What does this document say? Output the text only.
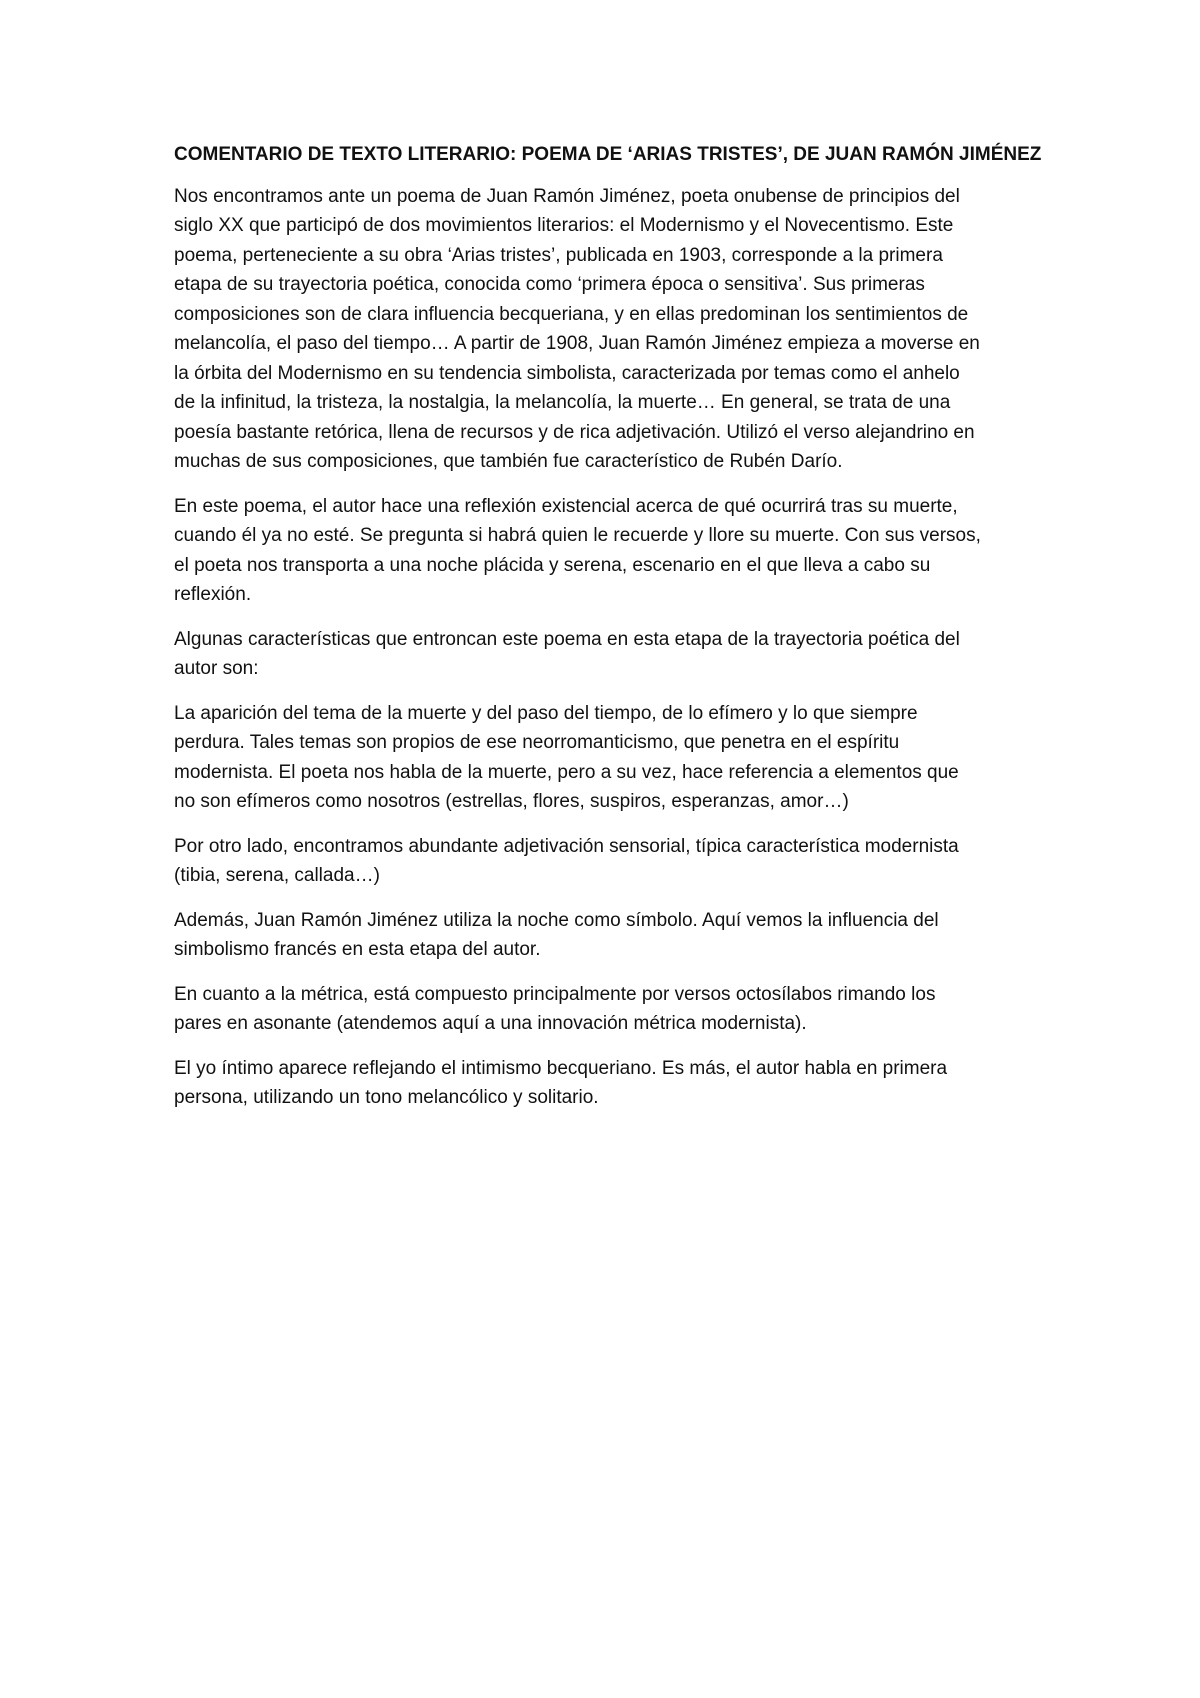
COMENTARIO DE TEXTO LITERARIO: POEMA DE ‘ARIAS TRISTES’, DE JUAN RAMÓN JIMÉNEZ

Nos encontramos ante un poema de Juan Ramón Jiménez, poeta onubense de principios del
siglo XX que participó de dos movimientos literarios: el Modernismo y el Novecentismo. Este
poema, perteneciente a su obra ‘Arias tristes’, publicada en 1903, corresponde a la primera
etapa de su trayectoria poética, conocida como ‘primera época o sensitiva’. Sus primeras
composiciones son de clara influencia becqueriana, y en ellas predominan los sentimientos de
melancolía, el paso del tiempo… A partir de 1908, Juan Ramón Jiménez empieza a moverse en
la órbita del Modernismo en su tendencia simbolista, caracterizada por temas como el anhelo
de la infinitud, la tristeza, la nostalgia, la melancolía, la muerte… En general, se trata de una
poesía bastante retórica, llena de recursos y de rica adjetivación. Utilizó el verso alejandrino en
muchas de sus composiciones, que también fue característico de Rubén Darío.

En este poema, el autor hace una reflexión existencial acerca de qué ocurrirá tras su muerte,
cuando él ya no esté. Se pregunta si habrá quien le recuerde y llore su muerte. Con sus versos,
el poeta nos transporta a una noche plácida y serena, escenario en el que lleva a cabo su
reflexión.

Algunas características que entroncan este poema en esta etapa de la trayectoria poética del
autor son:

La aparición del tema de la muerte y del paso del tiempo, de lo efímero y lo que siempre
perdura. Tales temas son propios de ese neorromanticismo, que penetra en el espíritu
modernista. El poeta nos habla de la muerte, pero a su vez, hace referencia a elementos que
no son efímeros como nosotros (estrellas, flores, suspiros, esperanzas, amor…)

Por otro lado, encontramos abundante adjetivación sensorial, típica característica modernista
(tibia, serena, callada…)

Además, Juan Ramón Jiménez utiliza la noche como símbolo. Aquí vemos la influencia del
simbolismo francés en esta etapa del autor.

En cuanto a la métrica, está compuesto principalmente por versos octosílabos rimando los
pares en asonante (atendemos aquí a una innovación métrica modernista).

El yo íntimo aparece reflejando el intimismo becqueriano. Es más, el autor habla en primera
persona, utilizando un tono melancólico y solitario.
